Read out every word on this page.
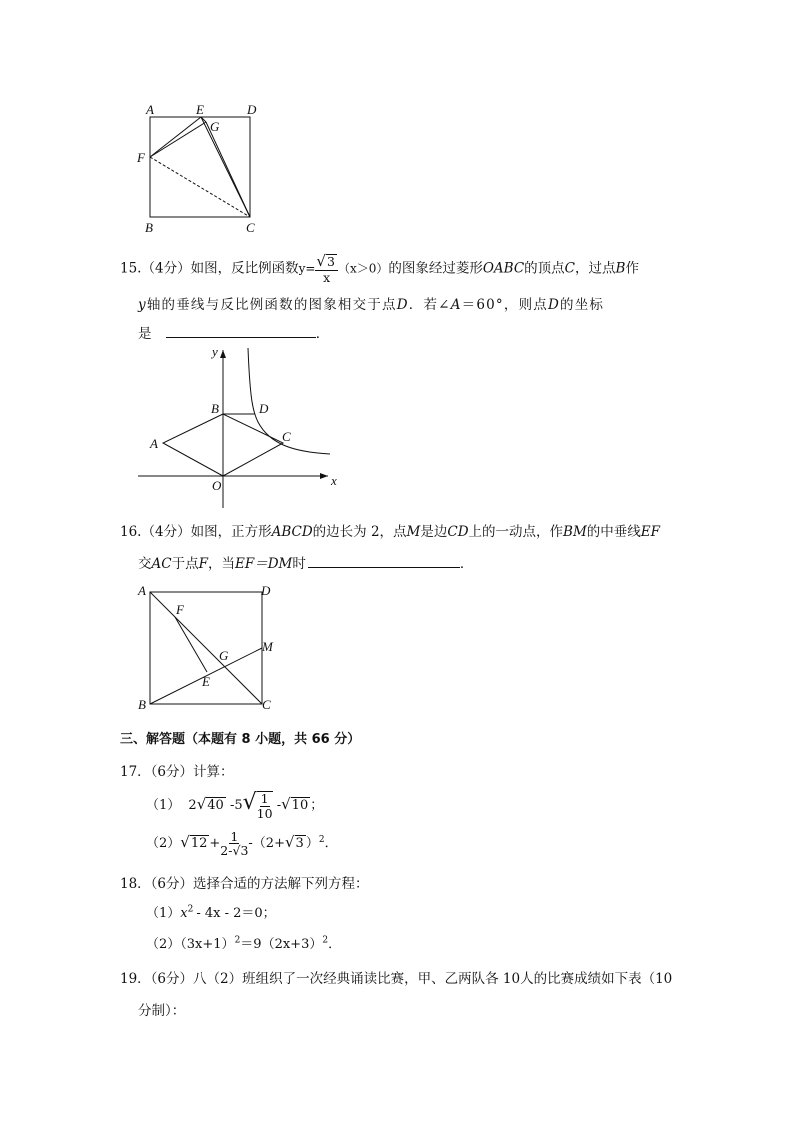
A	E	D
G
F
B	C
15.（4分）如图，反比例函数$y= \frac{√3}{x} (x>0)$的图象经过菱形OABC的顶点C，过点B作
y轴的垂线与反比例函数的图象相交于点D．若∠A＝60°，则点D的坐标
是	．
y
x
B	D
A	C
O
16.（4分）如图，正方形ABCD的边长为 2，点M是边CD上的一动点，作BM的中垂线EF
交AC于点F，当EF＝DM时	．
A	D
F
M
G
E
B	C
三、解答题（本题有 8 小题，共 66 分）
17．（6分）计算：
（1） 2√40 $-5√ \frac{1}{10} -√10$ ；
$(2)√12 + \frac{1}{2-√3} -(2+√3$ ）$^2$．
18．（6分）选择合适的方法解下列方程：
$(1)x^2 - 4x - 2=0$；
$(2)(3x+1)^2=9(2x+3)^2$．
19．（6分）八（2）班组织了一次经典诵读比赛，甲、乙两队各 10人的比赛成绩如下表（10
分制）：
